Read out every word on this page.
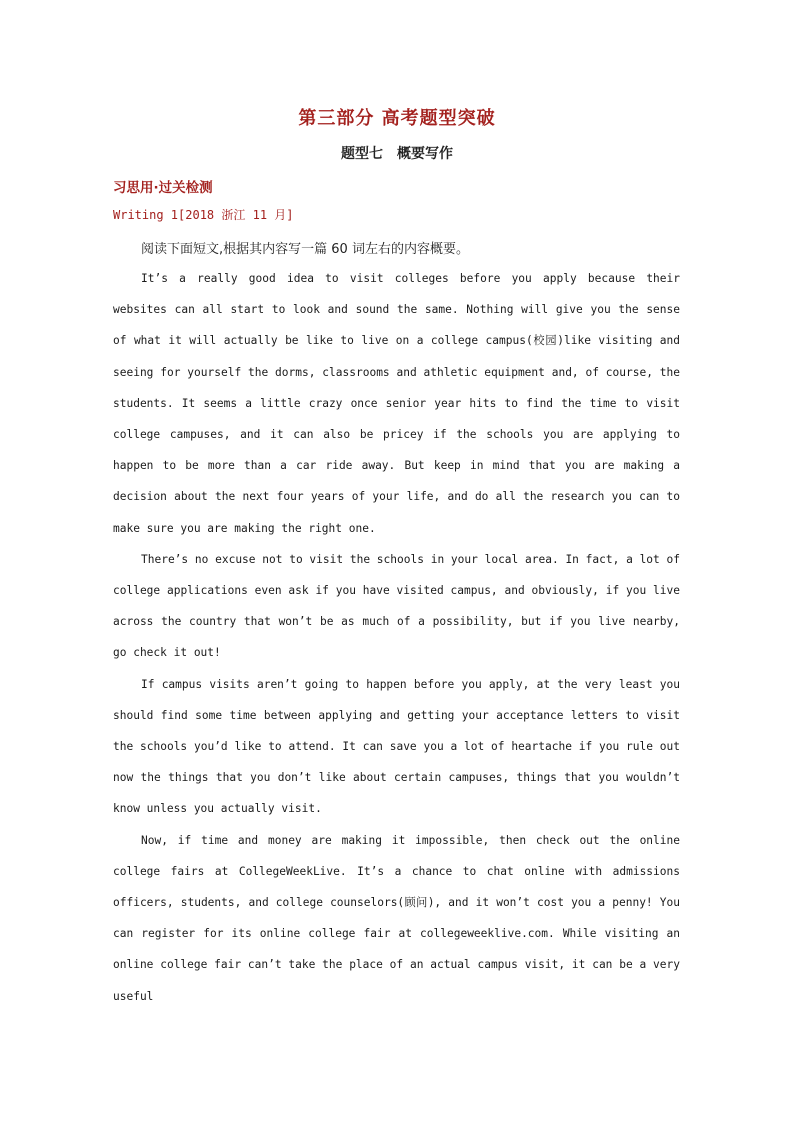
第三部分 高考题型突破
题型七　概要写作
习思用·过关检测
Writing 1[2018 浙江 11 月]
阅读下面短文,根据其内容写一篇 60 词左右的内容概要。

It’s a really good idea to visit colleges before you apply because their websites can all start to look and sound the same. Nothing will give you the sense of what it will actually be like to live on a college campus(校园)like visiting and seeing for yourself the dorms, classrooms and athletic equipment and, of course, the students. It seems a little crazy once senior year hits to find the time to visit college campuses, and it can also be pricey if the schools you are applying to happen to be more than a car ride away. But keep in mind that you are making a decision about the next four years of your life, and do all the research you can to make sure you are making the right one.

There’s no excuse not to visit the schools in your local area. In fact, a lot of college applications even ask if you have visited campus, and obviously, if you live across the country that won’t be as much of a possibility, but if you live nearby, go check it out!

If campus visits aren’t going to happen before you apply, at the very least you should find some time between applying and getting your acceptance letters to visit the schools you’d like to attend. It can save you a lot of heartache if you rule out now the things that you don’t like about certain campuses, things that you wouldn’t know unless you actually visit.

Now, if time and money are making it impossible, then check out the online college fairs at CollegeWeekLive. It’s a chance to chat online with admissions officers, students, and college counselors(顾问), and it won’t cost you a penny! You can register for its online college fair at collegeweeklive.com. While visiting an online college fair can’t take the place of an actual campus visit, it can be a very useful
